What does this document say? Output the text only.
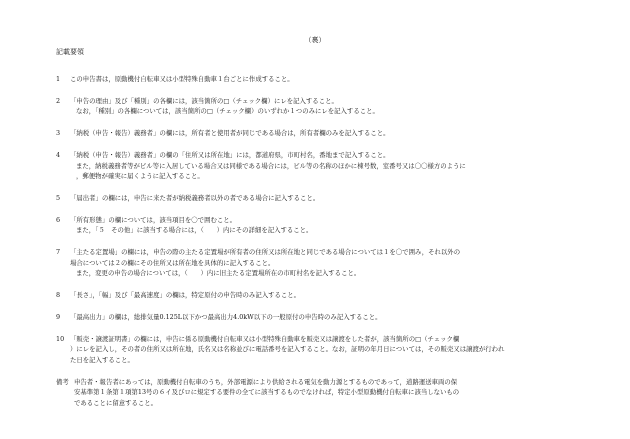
（裏）
記載要領
1	この申告書は，原動機付自転車又は小型特殊自動車１台ごとに作成すること。
2	「申告の理由」及び「種別」の各欄には，該当箇所の□（チェック欄）にレを記入すること。
なお，「種別」の各欄については，該当箇所の□（チェック欄）のいずれか１つのみにレを記入すること。
3	「納税（申告・報告）義務者」の欄には，所有者と使用者が同じである場合は，所有者欄のみを記入すること。
4	「納税（申告・報告）義務者」の欄の「住所又は所在地」には，都道府県，市町村名，番地まで記入すること。
また，納税義務者等がビル等に入居している場合又は同様である場合には，ビル等の名称のほかに棟号数，室番号又は〇〇様方のように
，郵便物が確実に届くように記入すること。
5	「届出者」の欄には，申告に来た者が納税義務者以外の者である場合に記入すること。
6	「所有形態」の欄については，該当項目を〇で囲むこと。
また，「５　その他」に該当する場合には，（　　）内にその詳細を記入すること。
7	「主たる定置場」の欄には，申告の際の主たる定置場が所有者の住所又は所在地と同じである場合については１を〇で囲み，それ以外の
場合については２の欄にその住所又は所在地を具体的に記入すること。
また，変更の申告の場合については，（　　）内に旧主たる定置場所在の市町村名を記入すること。
8	「長さ」，「幅」及び「最高速度」の欄は，特定原付の申告時のみ記入すること。
9	「最高出力」の欄は，総排気量0.125L以下かつ最高出力4.0kW以下の一般原付の申告時のみ記入すること。
10 「販売・譲渡証明書」の欄には，申告に係る原動機付自転車又は小型特殊自動車を販売又は譲渡をした者が，該当箇所の□（チェック欄
）にレを記入し，その者の住所又は所在地，氏名又は名称並びに電話番号を記入すること。なお，証明の年月日については，その販売又は譲渡が行われ
た日を記入すること。
備考 申告者・報告者にあっては，原動機付自転車のうち，外部電源により供給される電気を動力源とするものであって，道路運送車両の保
安基準第１条第１項第13号の６イ及びロに規定する要件の全てに該当するものでなければ，特定小型原動機付自転車に該当しないもの
であることに留意すること。
